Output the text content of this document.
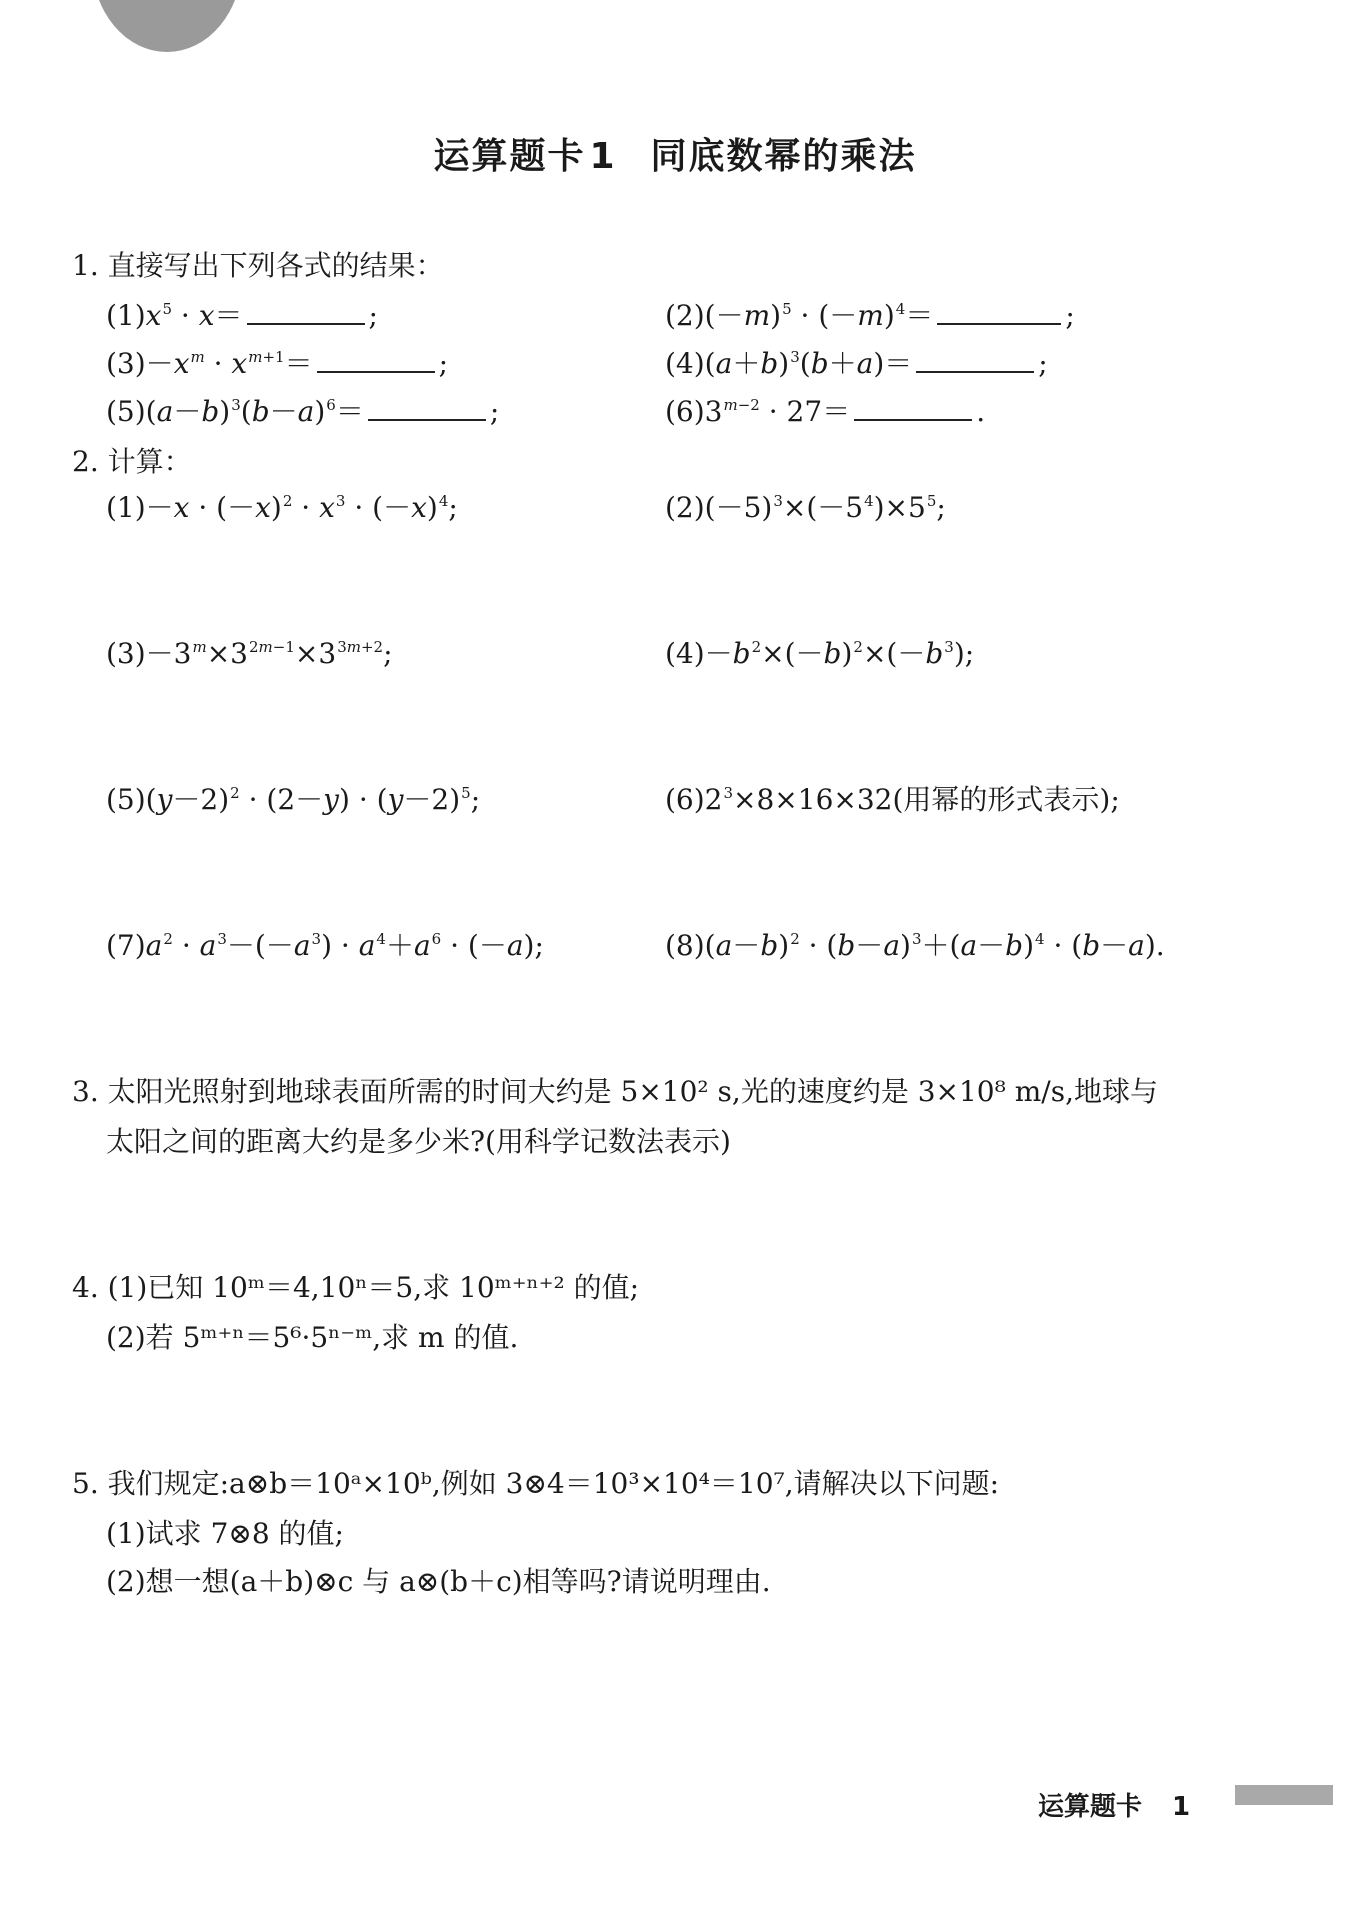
运算题卡 1 同底数幂的乘法
1. 直接写出下列各式的结果：
$(1)x^5 \cdot x=$	;	$(2)(-m)^5 \cdot (-m)^4=$	;
$(3)-x^m \cdot x^{m+1}=$	;	$(4)(a+b)^3(b+a)=$	;
$(5)(a-b)^3(b-a)^6=$	;	$(6)3^{m-2} \cdot 27=$	.
2. 计算：
$(1)-x \cdot (-x)^2 \cdot x^3 \cdot (-x)^4$;	$(2)(-5)^3\times(-5^4)\times 5^5$;
$(3)-3^m\times 3^{2m-1}\times 3^{3m+2}$;	$(4)-b^2\times(-b)^2\times(-b^3)$;
$(5)(y-2)^2 \cdot (2-y) \cdot (y-2)^5$;	$(6)2^3\times 8\times 16\times 32$(用幂的形式表示);
$(7)a^2 \cdot a^3-(-a^3) \cdot a^4+a^6 \cdot (-a)$;	$(8)(a-b)^2 \cdot (b-a)^3+(a-b)^4 \cdot (b-a)$.
3. 太阳光照射到地球表面所需的时间大约是 5×10² s,光的速度约是 3×10⁸ m/s,地球与
太阳之间的距离大约是多少米?(用科学记数法表示)
4. (1)已知 10ᵐ＝4,10ⁿ＝5,求 10ᵐ⁺ⁿ⁺² 的值;
(2)若 5ᵐ⁺ⁿ＝5⁶·5ⁿ⁻ᵐ,求 m 的值.
5. 我们规定:a⊗b＝10ᵃ×10ᵇ,例如 3⊗4＝10³×10⁴＝10⁷,请解决以下问题:
(1)试求 7⊗8 的值;
(2)想一想(a＋b)⊗c 与 a⊗(b＋c)相等吗?请说明理由.
运算题卡 1
